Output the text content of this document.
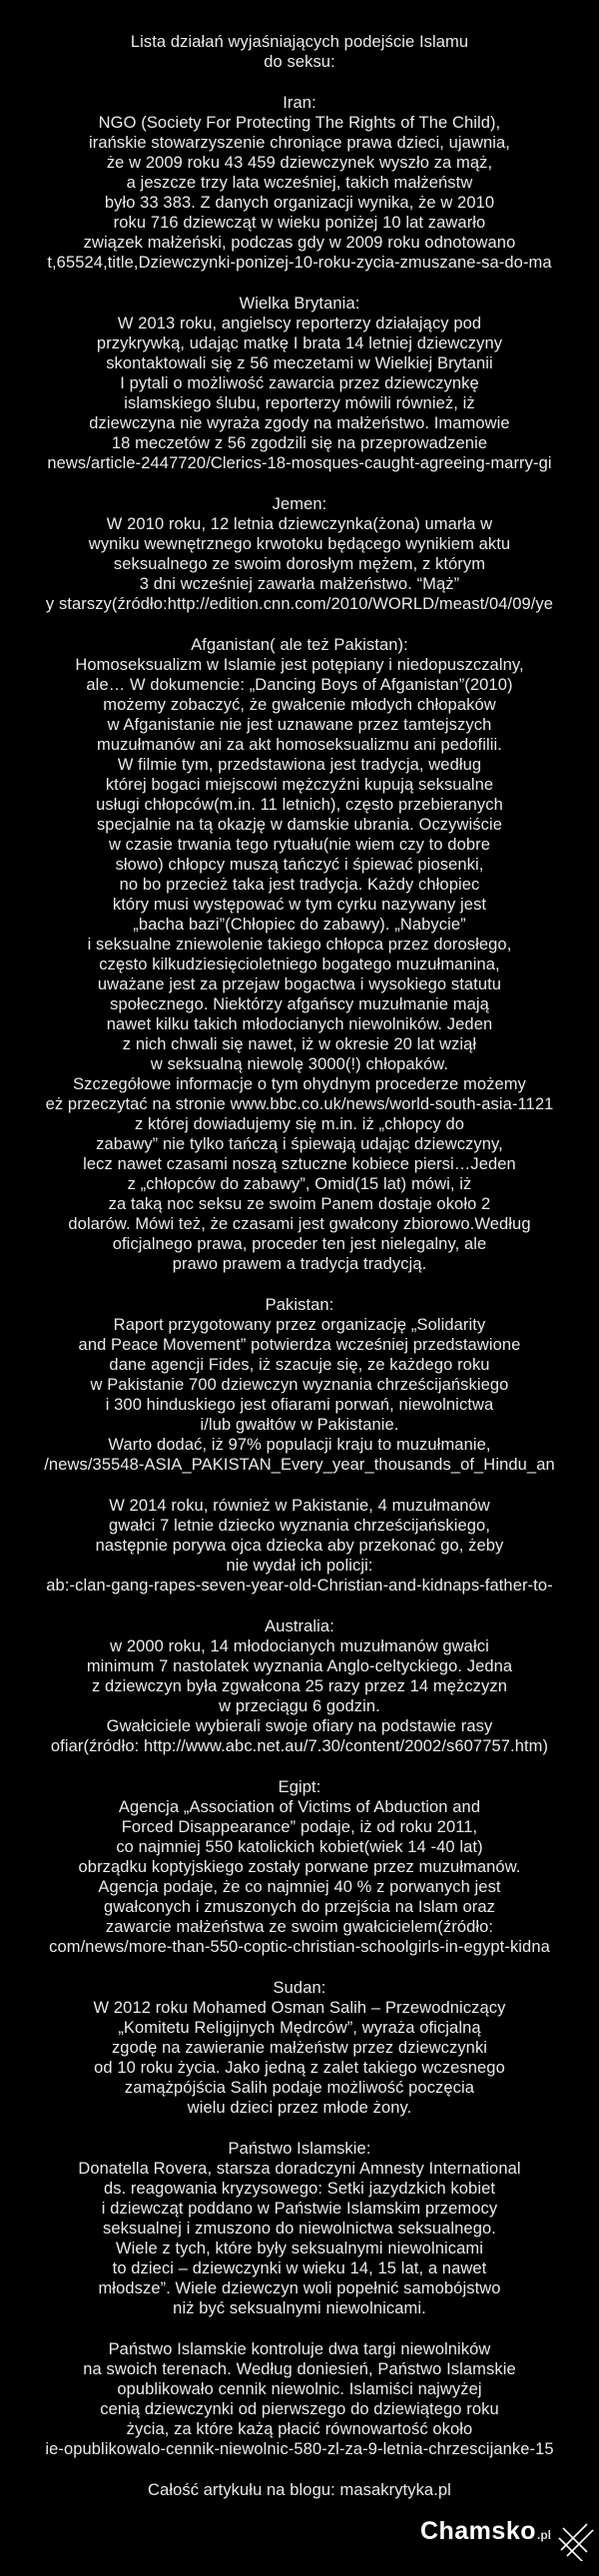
Lista działań wyjaśniających podejście Islamu
do seksu:
Iran:
NGO (Society For Protecting The Rights of The Child),
irańskie stowarzyszenie chroniące prawa dzieci, ujawnia,
że w 2009 roku 43 459 dziewczynek wyszło za mąż,
a jeszcze trzy lata wcześniej, takich małżeństw
było 33 383. Z danych organizacji wynika, że w 2010
roku 716 dziewcząt w wieku poniżej 10 lat zawarło
związek małżeński, podczas gdy w 2009 roku odnotowano
t,65524,title,Dziewczynki-ponizej-10-roku-zycia-zmuszane-sa-do-ma
Wielka Brytania:
W 2013 roku, angielscy reporterzy działający pod
przykrywką, udając matkę I brata 14 letniej dziewczyny
skontaktowali się z 56 meczetami w Wielkiej Brytanii
I pytali o możliwość zawarcia przez dziewczynkę
islamskiego ślubu, reporterzy mówili również, iż
dziewczyna nie wyraża zgody na małżeństwo. Imamowie
18 meczetów z 56 zgodzili się na przeprowadzenie
news/article-2447720/Clerics-18-mosques-caught-agreeing-marry-gi
Jemen:
W 2010 roku, 12 letnia dziewczynka(żona) umarła w
wyniku wewnętrznego krwotoku będącego wynikiem aktu
seksualnego ze swoim dorosłym mężem, z którym
3 dni wcześniej zawarła małżeństwo. “Mąż”
y starszy(źródło:http://edition.cnn.com/2010/WORLD/meast/04/09/ye
Afganistan( ale też Pakistan):
Homoseksualizm w Islamie jest potępiany i niedopuszczalny,
ale… W dokumencie: „Dancing Boys of Afganistan”(2010)
możemy zobaczyć, że gwałcenie młodych chłopaków
w Afganistanie nie jest uznawane przez tamtejszych
muzułmanów ani za akt homoseksualizmu ani pedofilii.
W filmie tym, przedstawiona jest tradycja, według
której bogaci miejscowi mężczyźni kupują seksualne
usługi chłopców(m.in. 11 letnich), często przebieranych
specjalnie na tą okazję w damskie ubrania. Oczywiście
w czasie trwania tego rytuału(nie wiem czy to dobre
słowo) chłopcy muszą tańczyć i śpiewać piosenki,
no bo przecież taka jest tradycja. Każdy chłopiec
który musi występować w tym cyrku nazywany jest
„bacha bazi”(Chłopiec do zabawy). „Nabycie”
i seksualne zniewolenie takiego chłopca przez dorosłego,
często kilkudziesięcioletniego bogatego muzułmanina,
uważane jest za przejaw bogactwa i wysokiego statutu
społecznego. Niektórzy afgańscy muzułmanie mają
nawet kilku takich młodocianych niewolników. Jeden
z nich chwali się nawet, iż w okresie 20 lat wziął
w seksualną niewolę 3000(!) chłopaków.
Szczegółowe informacje o tym ohydnym procederze możemy
eż przeczytać na stronie www.bbc.co.uk/news/world-south-asia-1121
z której dowiadujemy się m.in. iż „chłopcy do
zabawy” nie tylko tańczą i śpiewają udając dziewczyny,
lecz nawet czasami noszą sztuczne kobiece piersi…Jeden
z „chłopców do zabawy”, Omid(15 lat) mówi, iż
za taką noc seksu ze swoim Panem dostaje około 2
dolarów. Mówi też, że czasami jest gwałcony zbiorowo.Według
oficjalnego prawa, proceder ten jest nielegalny, ale
prawo prawem a tradycja tradycją.
Pakistan:
Raport przygotowany przez organizację „Solidarity
and Peace Movement” potwierdza wcześniej przedstawione
dane agencji Fides, iż szacuje się, ze każdego roku
w Pakistanie 700 dziewczyn wyznania chrześcijańskiego
i 300 hinduskiego jest ofiarami porwań, niewolnictwa
i/lub gwałtów w Pakistanie.
Warto dodać, iż 97% populacji kraju to muzułmanie,
/news/35548-ASIA_PAKISTAN_Every_year_thousands_of_Hindu_an
W 2014 roku, również w Pakistanie, 4 muzułmanów
gwałci 7 letnie dziecko wyznania chrześcijańskiego,
następnie porywa ojca dziecka aby przekonać go, żeby
nie wydał ich policji:
ab:-clan-gang-rapes-seven-year-old-Christian-and-kidnaps-father-to-
Australia:
w 2000 roku, 14 młodocianych muzułmanów gwałci
minimum 7 nastolatek wyznania Anglo-celtyckiego. Jedna
z dziewczyn była zgwałcona 25 razy przez 14 mężczyzn
w przeciągu 6 godzin.
Gwałciciele wybierali swoje ofiary na podstawie rasy
ofiar(źródło: http://www.abc.net.au/7.30/content/2002/s607757.htm)
Egipt:
Agencja „Association of Victims of Abduction and
Forced Disappearance” podaje, iż od roku 2011,
co najmniej 550 katolickich kobiet(wiek 14 -40 lat)
obrządku koptyjskiego zostały porwane przez muzułmanów.
Agencja podaje, że co najmniej 40 % z porwanych jest
gwałconych i zmuszonych do przejścia na Islam oraz
zawarcie małżeństwa ze swoim gwałcicielem(źródło:
com/news/more-than-550-coptic-christian-schoolgirls-in-egypt-kidna
Sudan:
W 2012 roku Mohamed Osman Salih – Przewodniczący
„Komitetu Religijnych Mędrców”, wyraża oficjalną
zgodę na zawieranie małżeństw przez dziewczynki
od 10 roku życia. Jako jedną z zalet takiego wczesnego
zamążpójścia Salih podaje możliwość poczęcia
wielu dzieci przez młode żony.
Państwo Islamskie:
Donatella Rovera, starsza doradczyni Amnesty International
ds. reagowania kryzysowego: Setki jazydzkich kobiet
i dziewcząt poddano w Państwie Islamskim przemocy
seksualnej i zmuszono do niewolnictwa seksualnego.
Wiele z tych, które były seksualnymi niewolnicami
to dzieci – dziewczynki w wieku 14, 15 lat, a nawet
młodsze”. Wiele dziewczyn woli popełnić samobójstwo
niż być seksualnymi niewolnicami.
Państwo Islamskie kontroluje dwa targi niewolników
na swoich terenach. Według doniesień, Państwo Islamskie
opublikowało cennik niewolnic. Islamiści najwyżej
cenią dziewczynki od pierwszego do dziewiątego roku
życia, za które każą płacić równowartość około
ie-opublikowalo-cennik-niewolnic-580-zl-za-9-letnia-chrzescijanke-15
Całość artykułu na blogu: masakrytyka.pl
Chamsko .pl
